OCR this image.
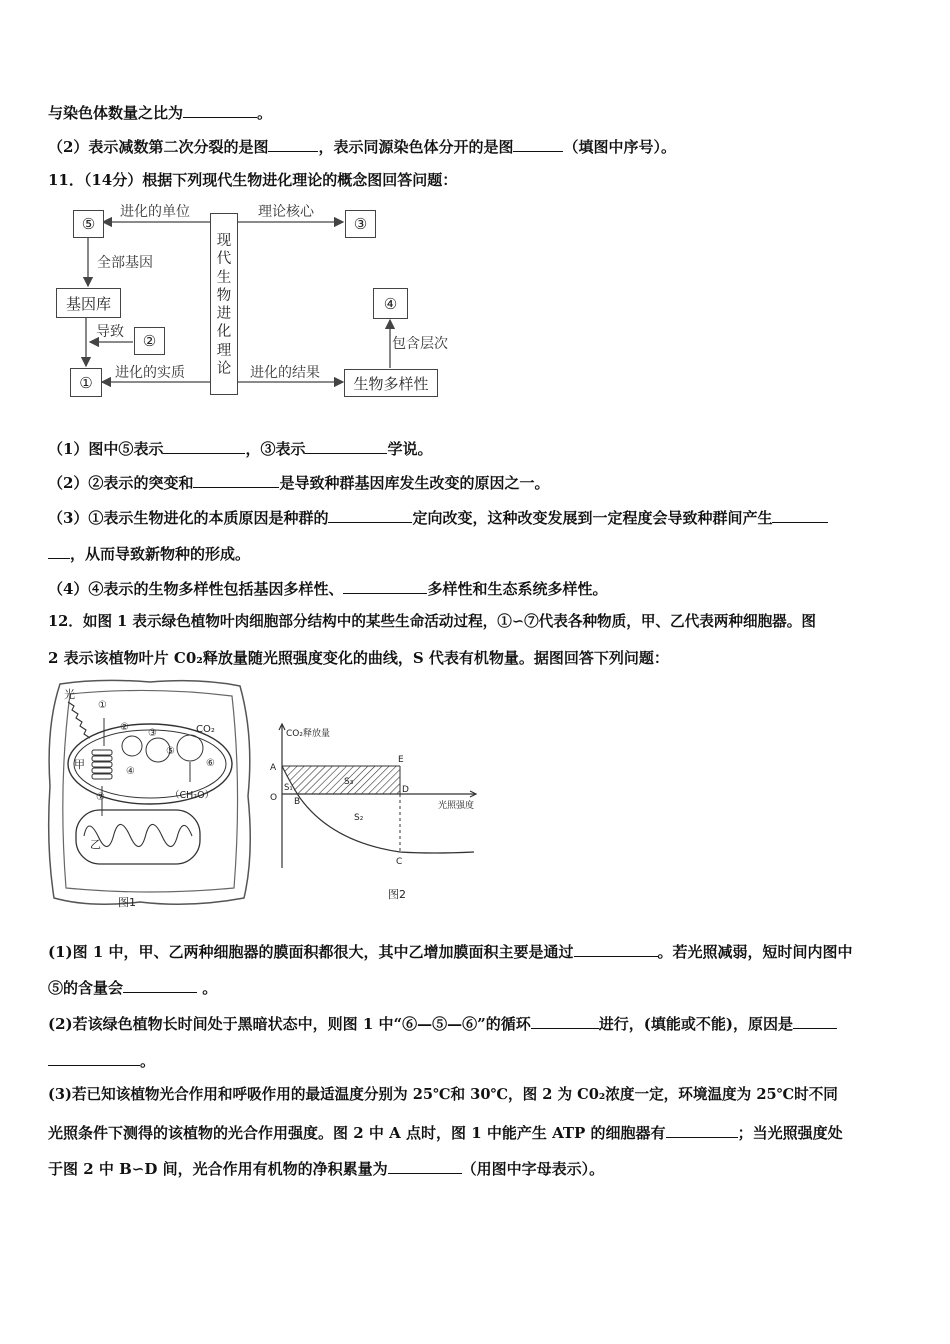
与染色体数量之比为	。
（2）表示减数第二次分裂的是图	，表示同源染色体分开的是图	（填图中序号）。
11．（14分）根据下列现代生物进化理论的概念图回答问题：
⑤	③
基因库
②
①
④
生物多样性
现代生物进化理论
进化的单位	理论核心
全部基因
导致
进化的实质	进化的结果
包含层次
（1）图中⑤表示	，③表示	学说。
（2）②表示的突变和	是导致种群基因库发生改变的原因之一。
（3）①表示生物进化的本质原因是种群的	定向改变，这种改变发展到一定程度会导致种群间产生
，从而导致新物种的形成。
（4）④表示的生物多样性包括基因多样性、	多样性和生态系统多样性。
12．如图 1 表示绿色植物叶肉细胞部分结构中的某些生命活动过程，①∽⑦代表各种物质，甲、乙代表两种细胞器。图
2 表示该植物叶片 C0₂释放量随光照强度变化的曲线，S 代表有机物量。据图回答下列问题：
光
①
②
③
④
⑤
⑥
⑦
CO₂
（CH₂O）
甲
乙
图1
CO₂释放量
光照强度
A
O
S₁
B
E
D
C
S₃
S₂
图2
(1)图 1 中，甲、乙两种细胞器的膜面积都很大，其中乙增加膜面积主要是通过	。若光照减弱，短时间内图中
⑤的含量会	。
(2)若该绿色植物长时间处于黑暗状态中，则图 1 中“⑥—⑤—⑥”的循环	进行，(填能或不能)，原因是
。
(3)若已知该植物光合作用和呼吸作用的最适温度分别为 25℃和 30℃，图 2 为 C0₂浓度一定，环境温度为 25℃时不同
光照条件下测得的该植物的光合作用强度。图 2 中 A 点时，图 1 中能产生 ATP 的细胞器有	；当光照强度处
于图 2 中 B∽D 间，光合作用有机物的净积累量为	（用图中字母表示）。
